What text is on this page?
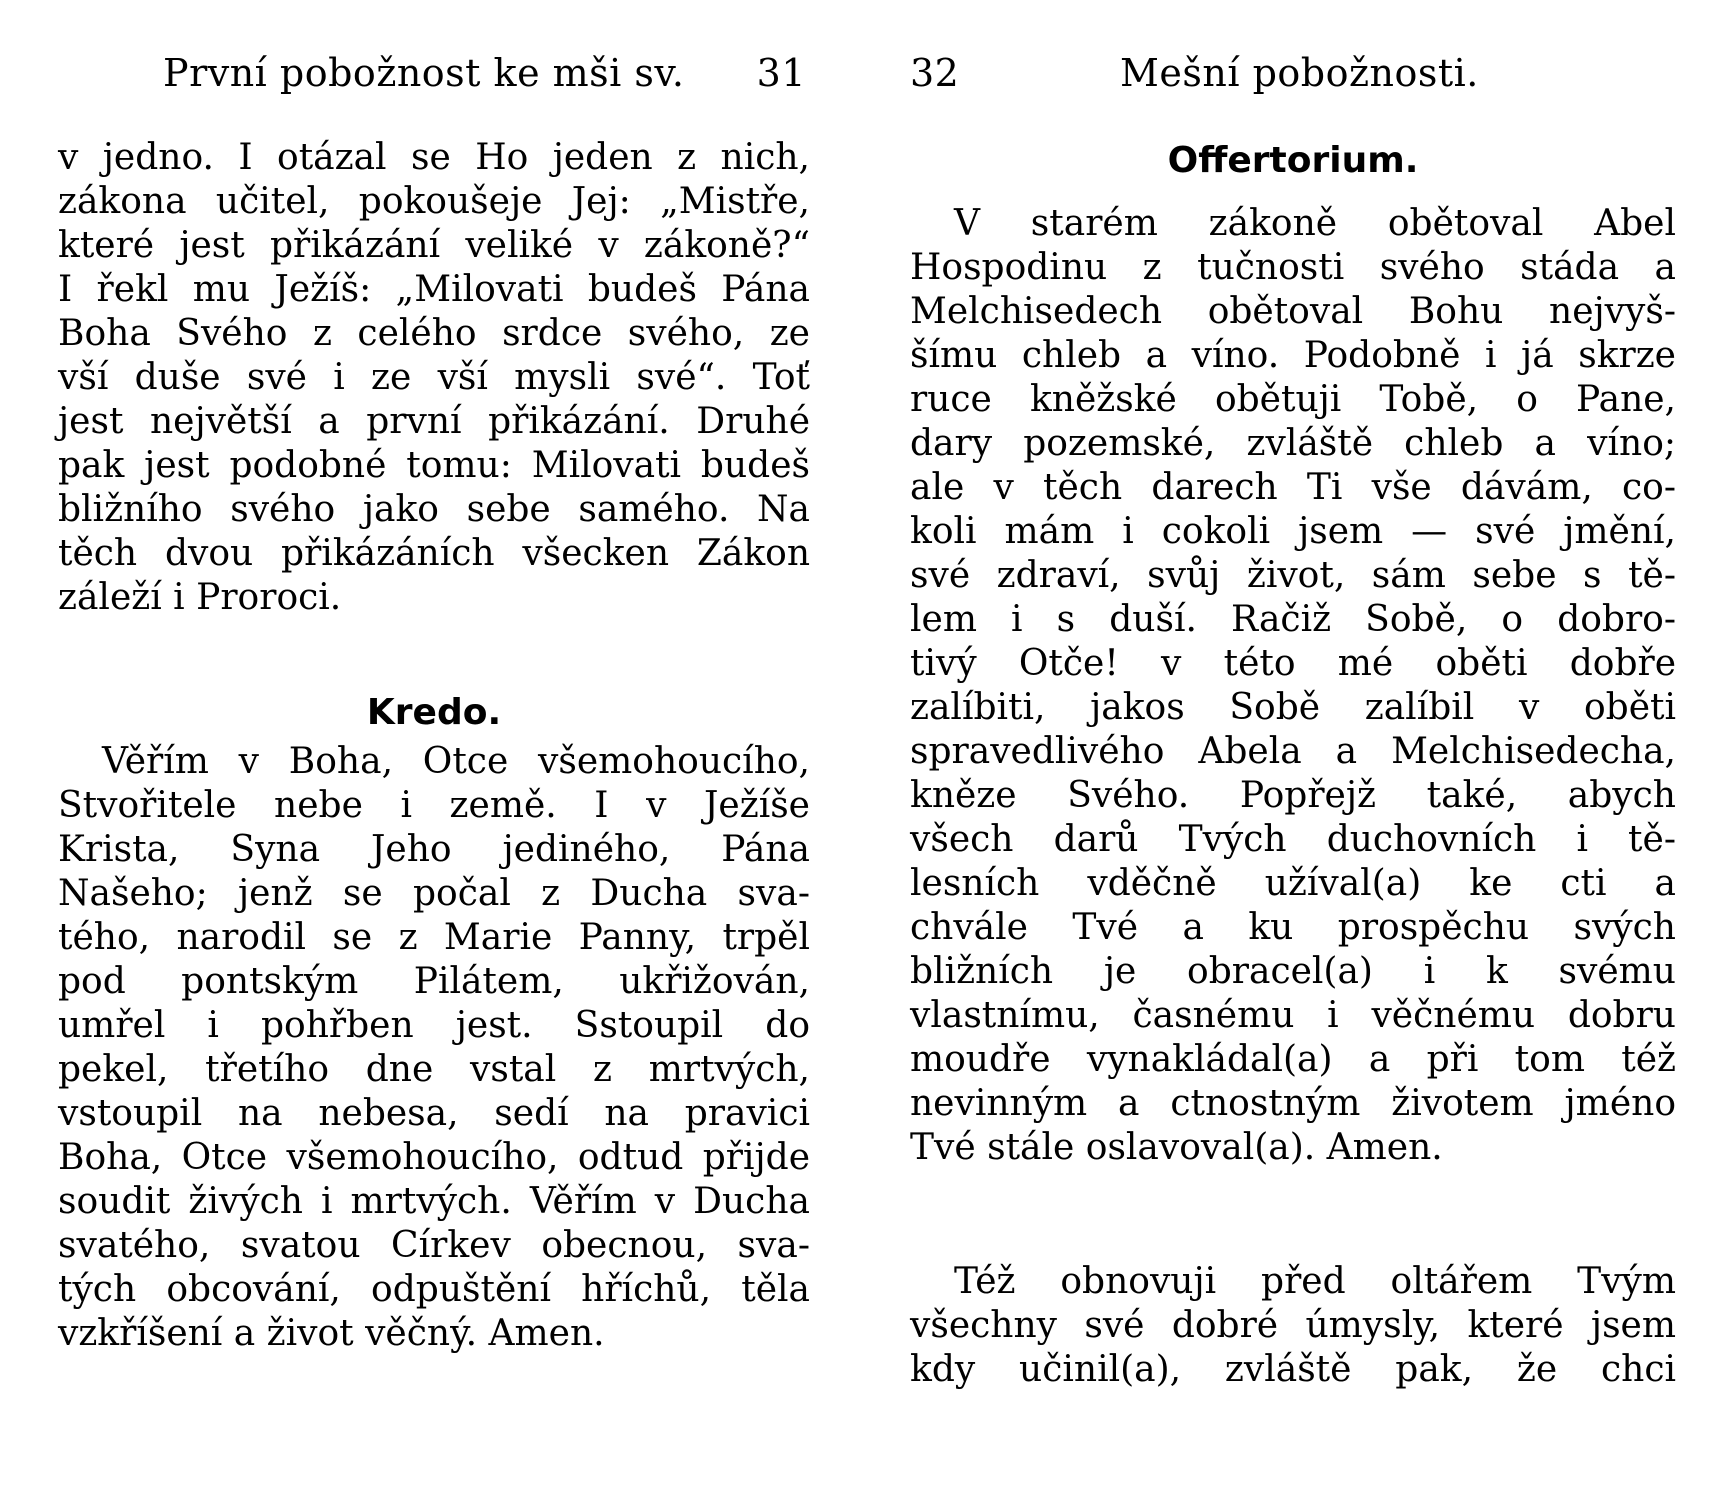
První pobožnost ke mši sv. 31
v jedno. I otázal se Ho jeden z nich,
zákona učitel, pokoušeje Jej: „Mistře,
které jest přikázání veliké v zákoně?“
I řekl mu Ježíš: „Milovati budeš Pána
Boha Svého z celého srdce svého, ze
vší duše své i ze vší mysli své“. Toť
jest největší a první přikázání. Druhé
pak jest podobné tomu: Milovati budeš
bližního svého jako sebe samého. Na
těch dvou přikázáních všecken Zákon
záleží i Proroci.
Kredo.
Věřím v Boha, Otce všemohoucího,
Stvořitele nebe i země. I v Ježíše
Krista, Syna Jeho jediného, Pána
Našeho; jenž se počal z Ducha sva-
tého, narodil se z Marie Panny, trpěl
pod pontským Pilátem, ukřižován,
umřel i pohřben jest. Sstoupil do
pekel, třetího dne vstal z mrtvých,
vstoupil na nebesa, sedí na pravici
Boha, Otce všemohoucího, odtud přijde
soudit živých i mrtvých. Věřím v Ducha
svatého, svatou Církev obecnou, sva-
tých obcování, odpuštění hříchů, těla
vzkříšení a život věčný. Amen.
32	Mešní pobožnosti.
Offertorium.
V starém zákoně obětoval Abel
Hospodinu z tučnosti svého stáda a
Melchisedech obětoval Bohu nejvyš-
šímu chleb a víno. Podobně i já skrze
ruce kněžské obětuji Tobě, o Pane,
dary pozemské, zvláště chleb a víno;
ale v těch darech Ti vše dávám, co-
koli mám i cokoli jsem — své jmění,
své zdraví, svůj život, sám sebe s tě-
lem i s duší. Račiž Sobě, o dobro-
tivý Otče! v této mé oběti dobře
zalíbiti, jakos Sobě zalíbil v oběti
spravedlivého Abela a Melchisedecha,
kněze Svého. Popřejž také, abych
všech darů Tvých duchovních i tě-
lesních vděčně užíval(a) ke cti a
chvále Tvé a ku prospěchu svých
bližních je obracel(a) i k svému
vlastnímu, časnému i věčnému dobru
moudře vynakládal(a) a při tom též
nevinným a ctnostným životem jméno
Tvé stále oslavoval(a). Amen.
Též obnovuji před oltářem Tvým
všechny své dobré úmysly, které jsem
kdy učinil(a), zvláště pak, že chci
